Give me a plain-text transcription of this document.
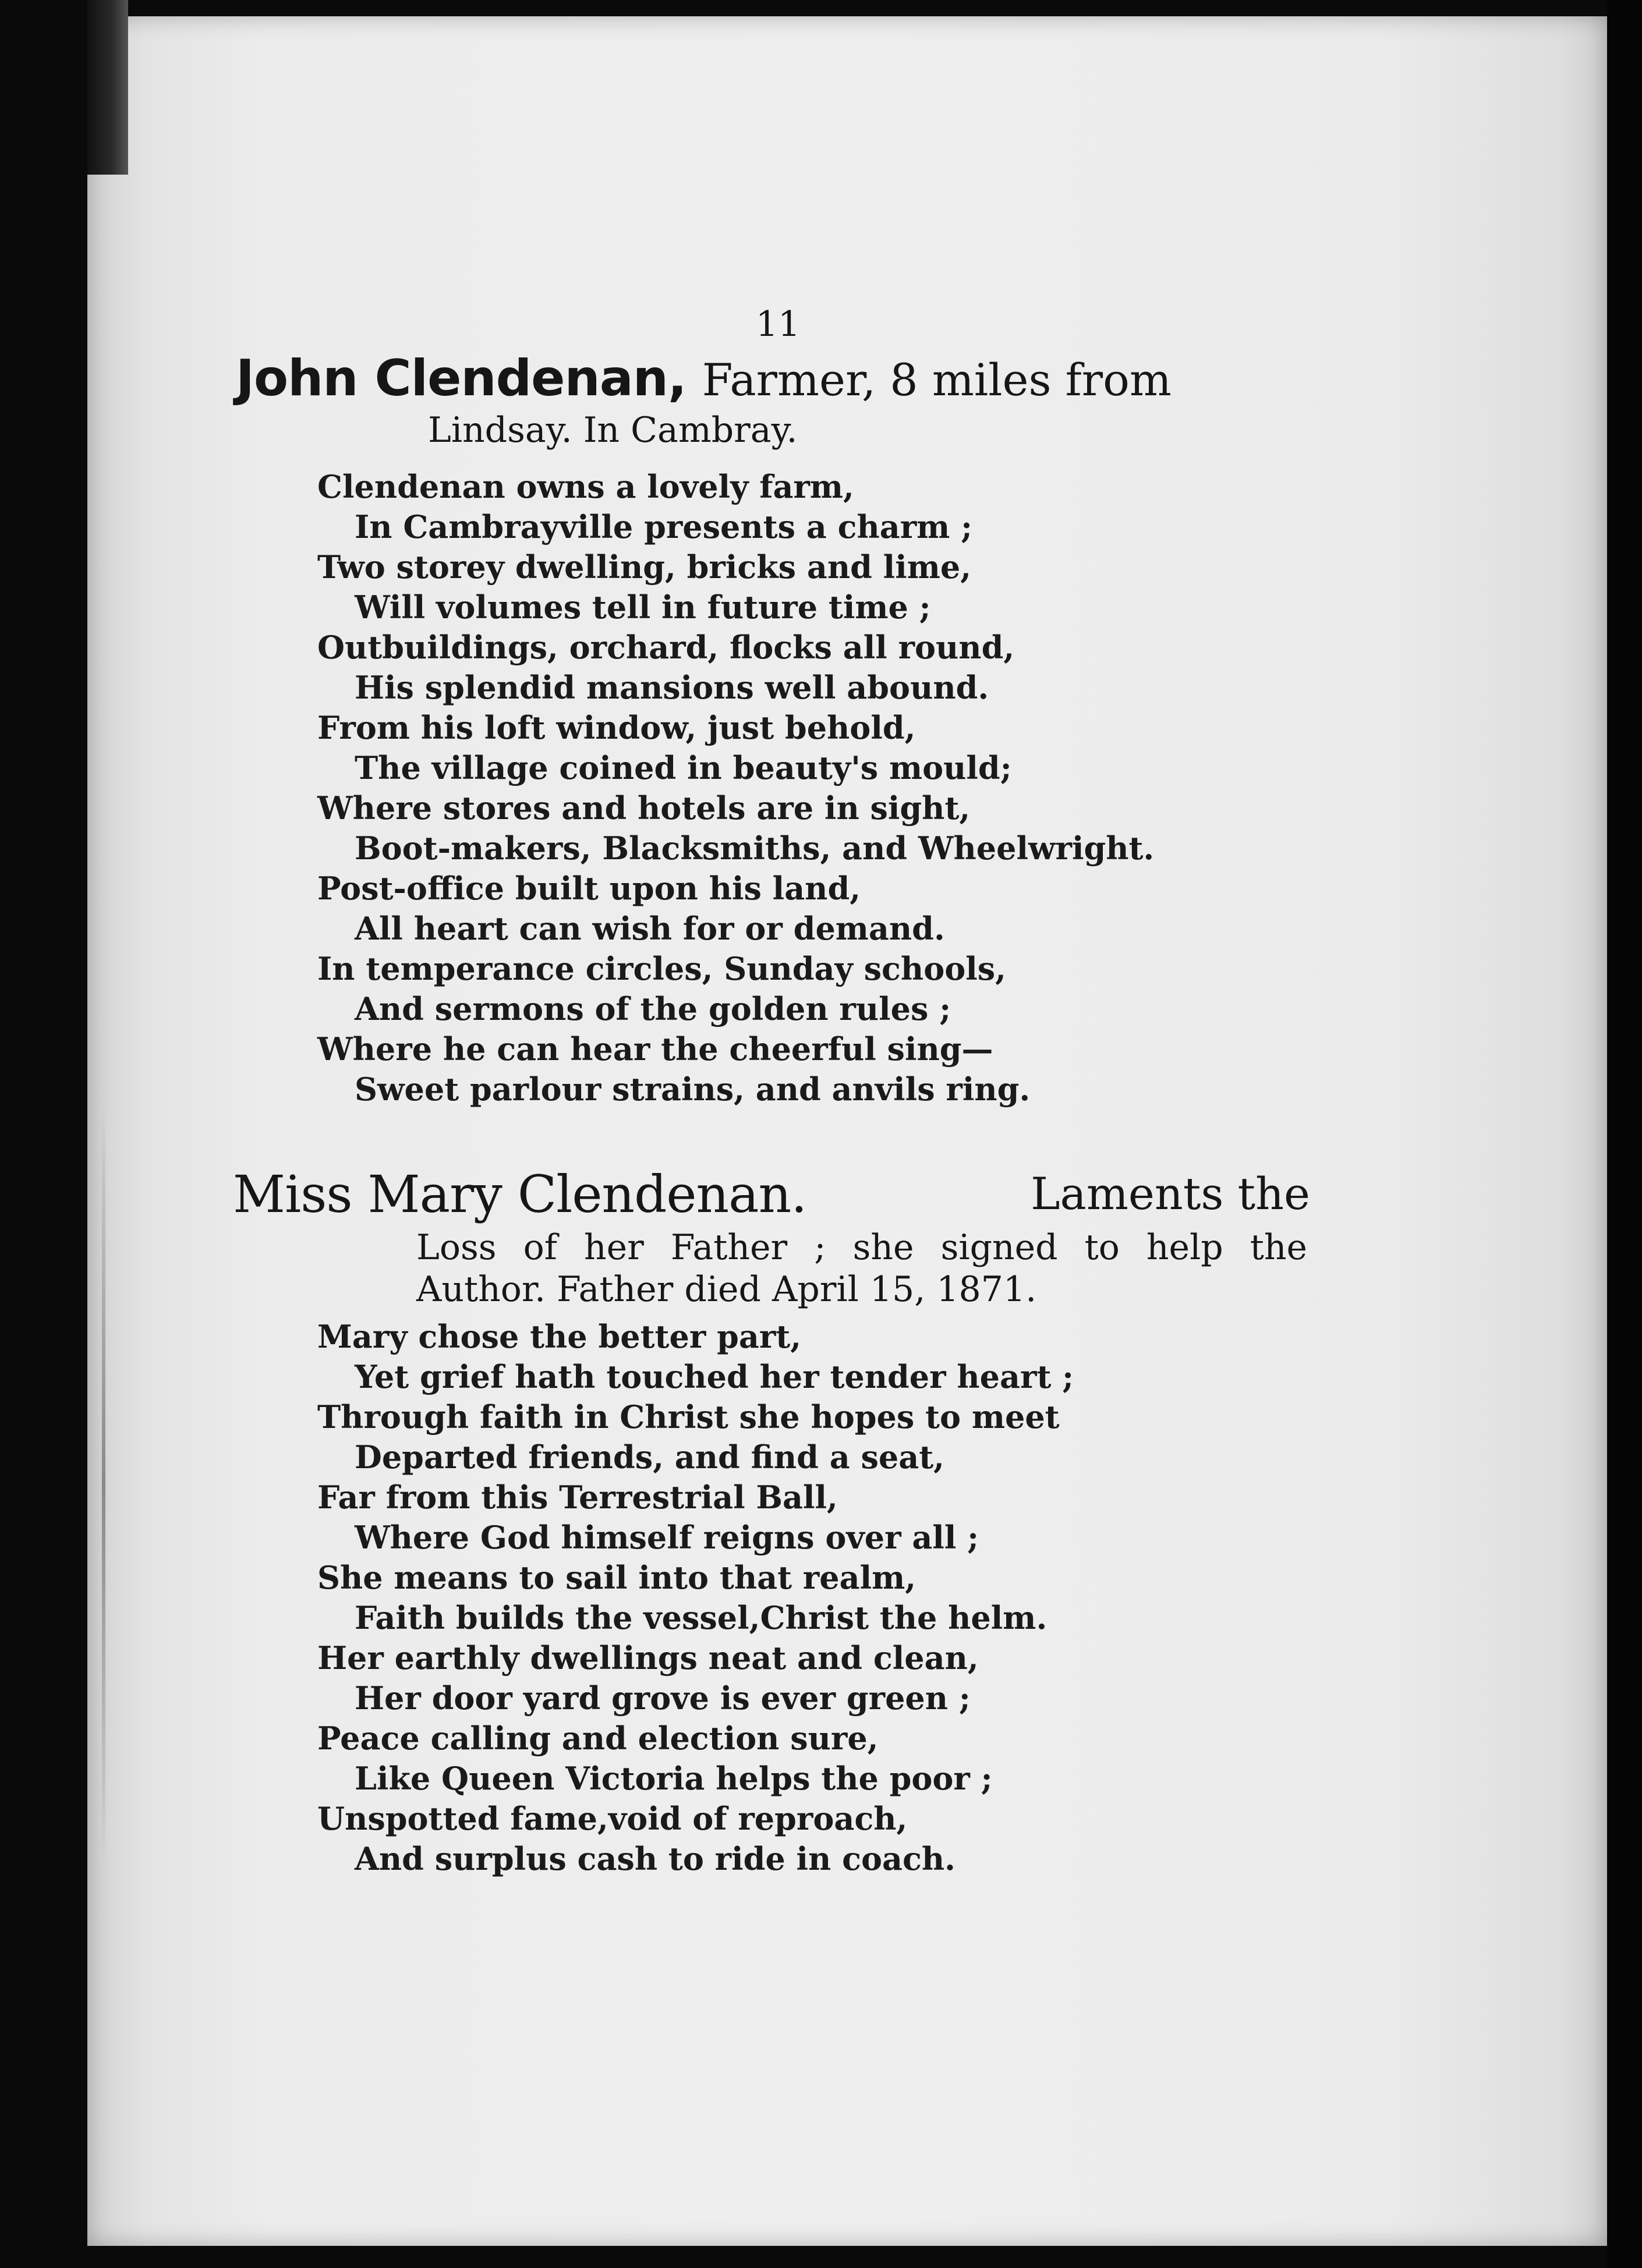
11
John Clendenan, Farmer, 8 miles from
Lindsay. In Cambray.
Clendenan owns a lovely farm,
In Cambrayville presents a charm ;
Two storey dwelling, bricks and lime,
Will volumes tell in future time ;
Outbuildings, orchard, flocks all round,
His splendid mansions well abound.
From his loft window, just behold,
The village coined in beauty's mould;
Where stores and hotels are in sight,
Boot-makers, Blacksmiths, and Wheelwright.
Post-office built upon his land,
All heart can wish for or demand.
In temperance circles, Sunday schools,
And sermons of the golden rules ;
Where he can hear the cheerful sing—
Sweet parlour strains, and anvils ring.
Miss Mary Clendenan.	Laments the
Loss of her Father ; she signed to help the
Author. Father died April 15, 1871.
Mary chose the better part,
Yet grief hath touched her tender heart ;
Through faith in Christ she hopes to meet
Departed friends, and find a seat,
Far from this Terrestrial Ball,
Where God himself reigns over all ;
She means to sail into that realm,
Faith builds the vessel,Christ the helm.
Her earthly dwellings neat and clean,
Her door yard grove is ever green ;
Peace calling and election sure,
Like Queen Victoria helps the poor ;
Unspotted fame,void of reproach,
And surplus cash to ride in coach.
